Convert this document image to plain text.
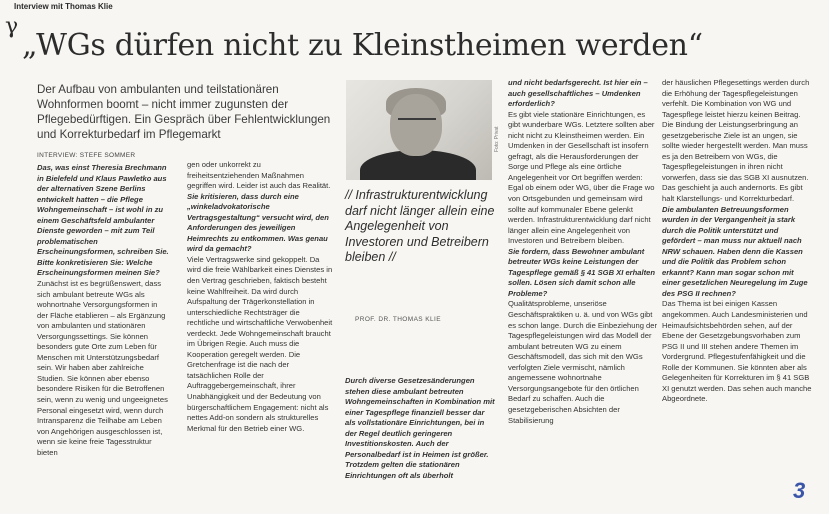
Interview mit Thomas Klie
γ
„WGs dürfen nicht zu Kleinstheimen werden“
Der Aufbau von ambulanten und teilstationären Wohnformen boomt – nicht immer zugunsten der Pflegebedürftigen. Ein Gespräch über Fehlentwicklungen und Korrekturbedarf im Pflegemarkt
INTERVIEW: STEFE SOMMER

Das, was einst Theresia Brechmann in Bielefeld und Klaus Pawletko aus der alternativen Szene Berlins entwickelt hatten – die Pflege Wohngemeinschaft – ist wohl in zu einem Geschäftsfeld ambulanter Dienste geworden – mit zum Teil problematischen Erscheinungsformen, schreiben Sie. Bitte konkretisieren Sie: Welche Erscheinungsformen meinen Sie?

Zunächst ist es begrüßenswert, dass sich ambulant betreute WGs als wohnortnahe Versorgungsformen in der Fläche etablieren – als Ergänzung von ambulanten und stationären Versorgungssettings. Sie können besonders gute Orte zum Leben für Menschen mit Unterstützungsbedarf sein. Wir haben aber zahlreiche Studien. Sie können aber ebenso besondere Risiken für die Betroffenen sein, wenn zu wenig und ungeeignetes Personal eingesetzt wird, wenn durch Intransparenz die Teilhabe am Leben von Angehörigen ausgeschlossen ist, wenn sie keine freie Tagesstruktur bieten

gen oder unkorrekt zu freiheitsentziehenden Maßnahmen gegriffen wird. Leider ist auch das Realität.

Sie kritisieren, dass durch eine „winkeladvokatorische Vertragsgestaltung“ versucht wird, den Anforderungen des jeweiligen Heimrechts zu entkommen. Was genau wird da gemacht?

Viele Vertragswerke sind gekoppelt. Da wird die freie Wählbarkeit eines Dienstes in den Vertrag geschrieben, faktisch besteht keine Wahlfreiheit. Da wird durch Aufspaltung der Trägerkonstellation in unterschiedliche Rechtsträger die rechtliche und wirtschaftliche Verwobenheit verdeckt. Jede Wohngemeinschaft braucht im Übrigen Regie. Auch muss die Kooperation geregelt werden. Die Gretchenfrage ist die nach der tatsächlichen Rolle der Auftraggebergemeinschaft, ihrer Unabhängigkeit und der Bedeutung von bürgerschaftlichem Engagement: nicht als nettes Add-on sondern als strukturelles Merkmal für den Betrieb einer WG.

Foto: Privat
// Infrastrukturentwicklung darf nicht länger allein eine Angelegenheit von Investoren und Betreibern bleiben //
PROF. DR. THOMAS KLIE

Durch diverse Gesetzesänderungen stehen diese ambulant betreuten Wohngemeinschaften in Kombination mit einer Tagespflege finanziell besser dar als vollstationäre Einrichtungen, bei in der Regel deutlich geringeren Investitionskosten. Auch der Personalbedarf ist in Heimen ist größer. Trotzdem gelten die stationären Einrichtungen oft als überholt

und nicht bedarfsgerecht. Ist hier ein – auch gesellschaftliches – Umdenken erforderlich?

Es gibt viele stationäre Einrichtungen, es gibt wunderbare WGs. Letztere sollten aber nicht nicht zu Kleinstheimen werden. Ein Umdenken in der Gesellschaft ist insofern gefragt, als die Herausforderungen der Sorge und Pflege als eine örtliche Angelegenheit vor Ort begriffen werden: Egal ob einem oder WG, über die Frage wo von Ortsgebunden und gemeinsam wird sollte auf kommunaler Ebene gelenkt werden. Infrastrukturentwicklung darf nicht länger allein eine Angelegenheit von Investoren und Betreibern bleiben.

Sie fordern, dass Bewohner ambulant betreuter WGs keine Leistungen der Tagespflege gemäß § 41 SGB XI erhalten sollen. Lösen sich damit schon alle Probleme?

Qualitätsprobleme, unseriöse Geschäftspraktiken u. ä. und von WGs gibt es schon lange. Durch die Einbeziehung der Tagespflegeleistungen wird das Modell der ambulant betreuten WG zu einem Geschäftsmodell, das sich mit den WGs verfolgten Ziele vermischt, nämlich angemessene wohnortnahe Versorgungsangebote für den örtlichen Bedarf zu schaffen. Auch die gesetzgeberischen Absichten der Stabilisierung

der häuslichen Pflegesettings werden durch die Erhöhung der Tagespflegeleistungen verfehlt. Die Kombination von WG und Tagespflege leistet hierzu keinen Beitrag. Die Bindung der Leistungserbringung an gesetzgeberische Ziele ist an ungen, sie sollte wieder hergestellt werden. Man muss es ja den Betreibern von WGs, die Tagespflegeleistungen in ihren nicht vorwerfen, dass sie das SGB XI ausnutzen. Das geschieht ja auch andernorts. Es gibt halt Klarstellungs- und Korrekturbedarf.

Die ambulanten Betreuungsformen wurden in der Vergangenheit ja stark durch die Politik unterstützt und gefördert – man muss nur aktuell nach NRW schauen. Haben denn die Kassen und die Politik das Problem schon erkannt? Kann man sogar schon mit einer gesetzlichen Neuregelung im Zuge des PSG II rechnen?

Das Thema ist bei einigen Kassen angekommen. Auch Landesministerien und Heimaufsichtsbehörden sehen, auf der Ebene der Gesetzgebungsvorhaben zum PSG II und III stehen andere Themen im Vordergrund. Pflegestufenfähigkeit und die Rolle der Kommunen. Sie könnten aber als Gelegenheiten für Korrekturen im § 41 SGB XI genutzt werden. Das sehen auch manche Abgeordnete.

3
